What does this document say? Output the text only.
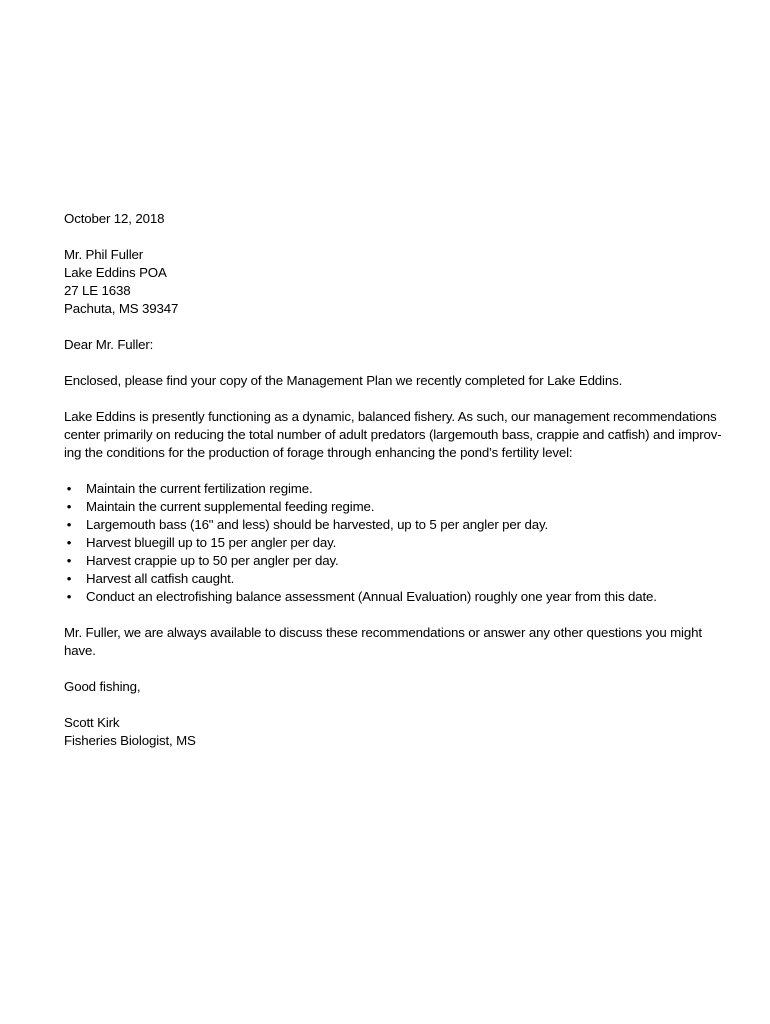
October 12, 2018
Mr. Phil Fuller
Lake Eddins POA
27 LE 1638
Pachuta, MS 39347
Dear Mr. Fuller:
Enclosed, please find your copy of the Management Plan we recently completed for Lake Eddins.
Lake Eddins is presently functioning as a dynamic, balanced fishery. As such, our management recommendations
center primarily on reducing the total number of adult predators (largemouth bass, crappie and catfish) and improv-
ing the conditions for the production of forage through enhancing the pond’s fertility level:
• Maintain the current fertilization regime.
• Maintain the current supplemental feeding regime.
• Largemouth bass (16" and less) should be harvested, up to 5 per angler per day.
• Harvest bluegill up to 15 per angler per day.
• Harvest crappie up to 50 per angler per day.
• Harvest all catfish caught.
• Conduct an electrofishing balance assessment (Annual Evaluation) roughly one year from this date.
Mr. Fuller, we are always available to discuss these recommendations or answer any other questions you might
have.
Good fishing,
Scott Kirk
Fisheries Biologist, MS
